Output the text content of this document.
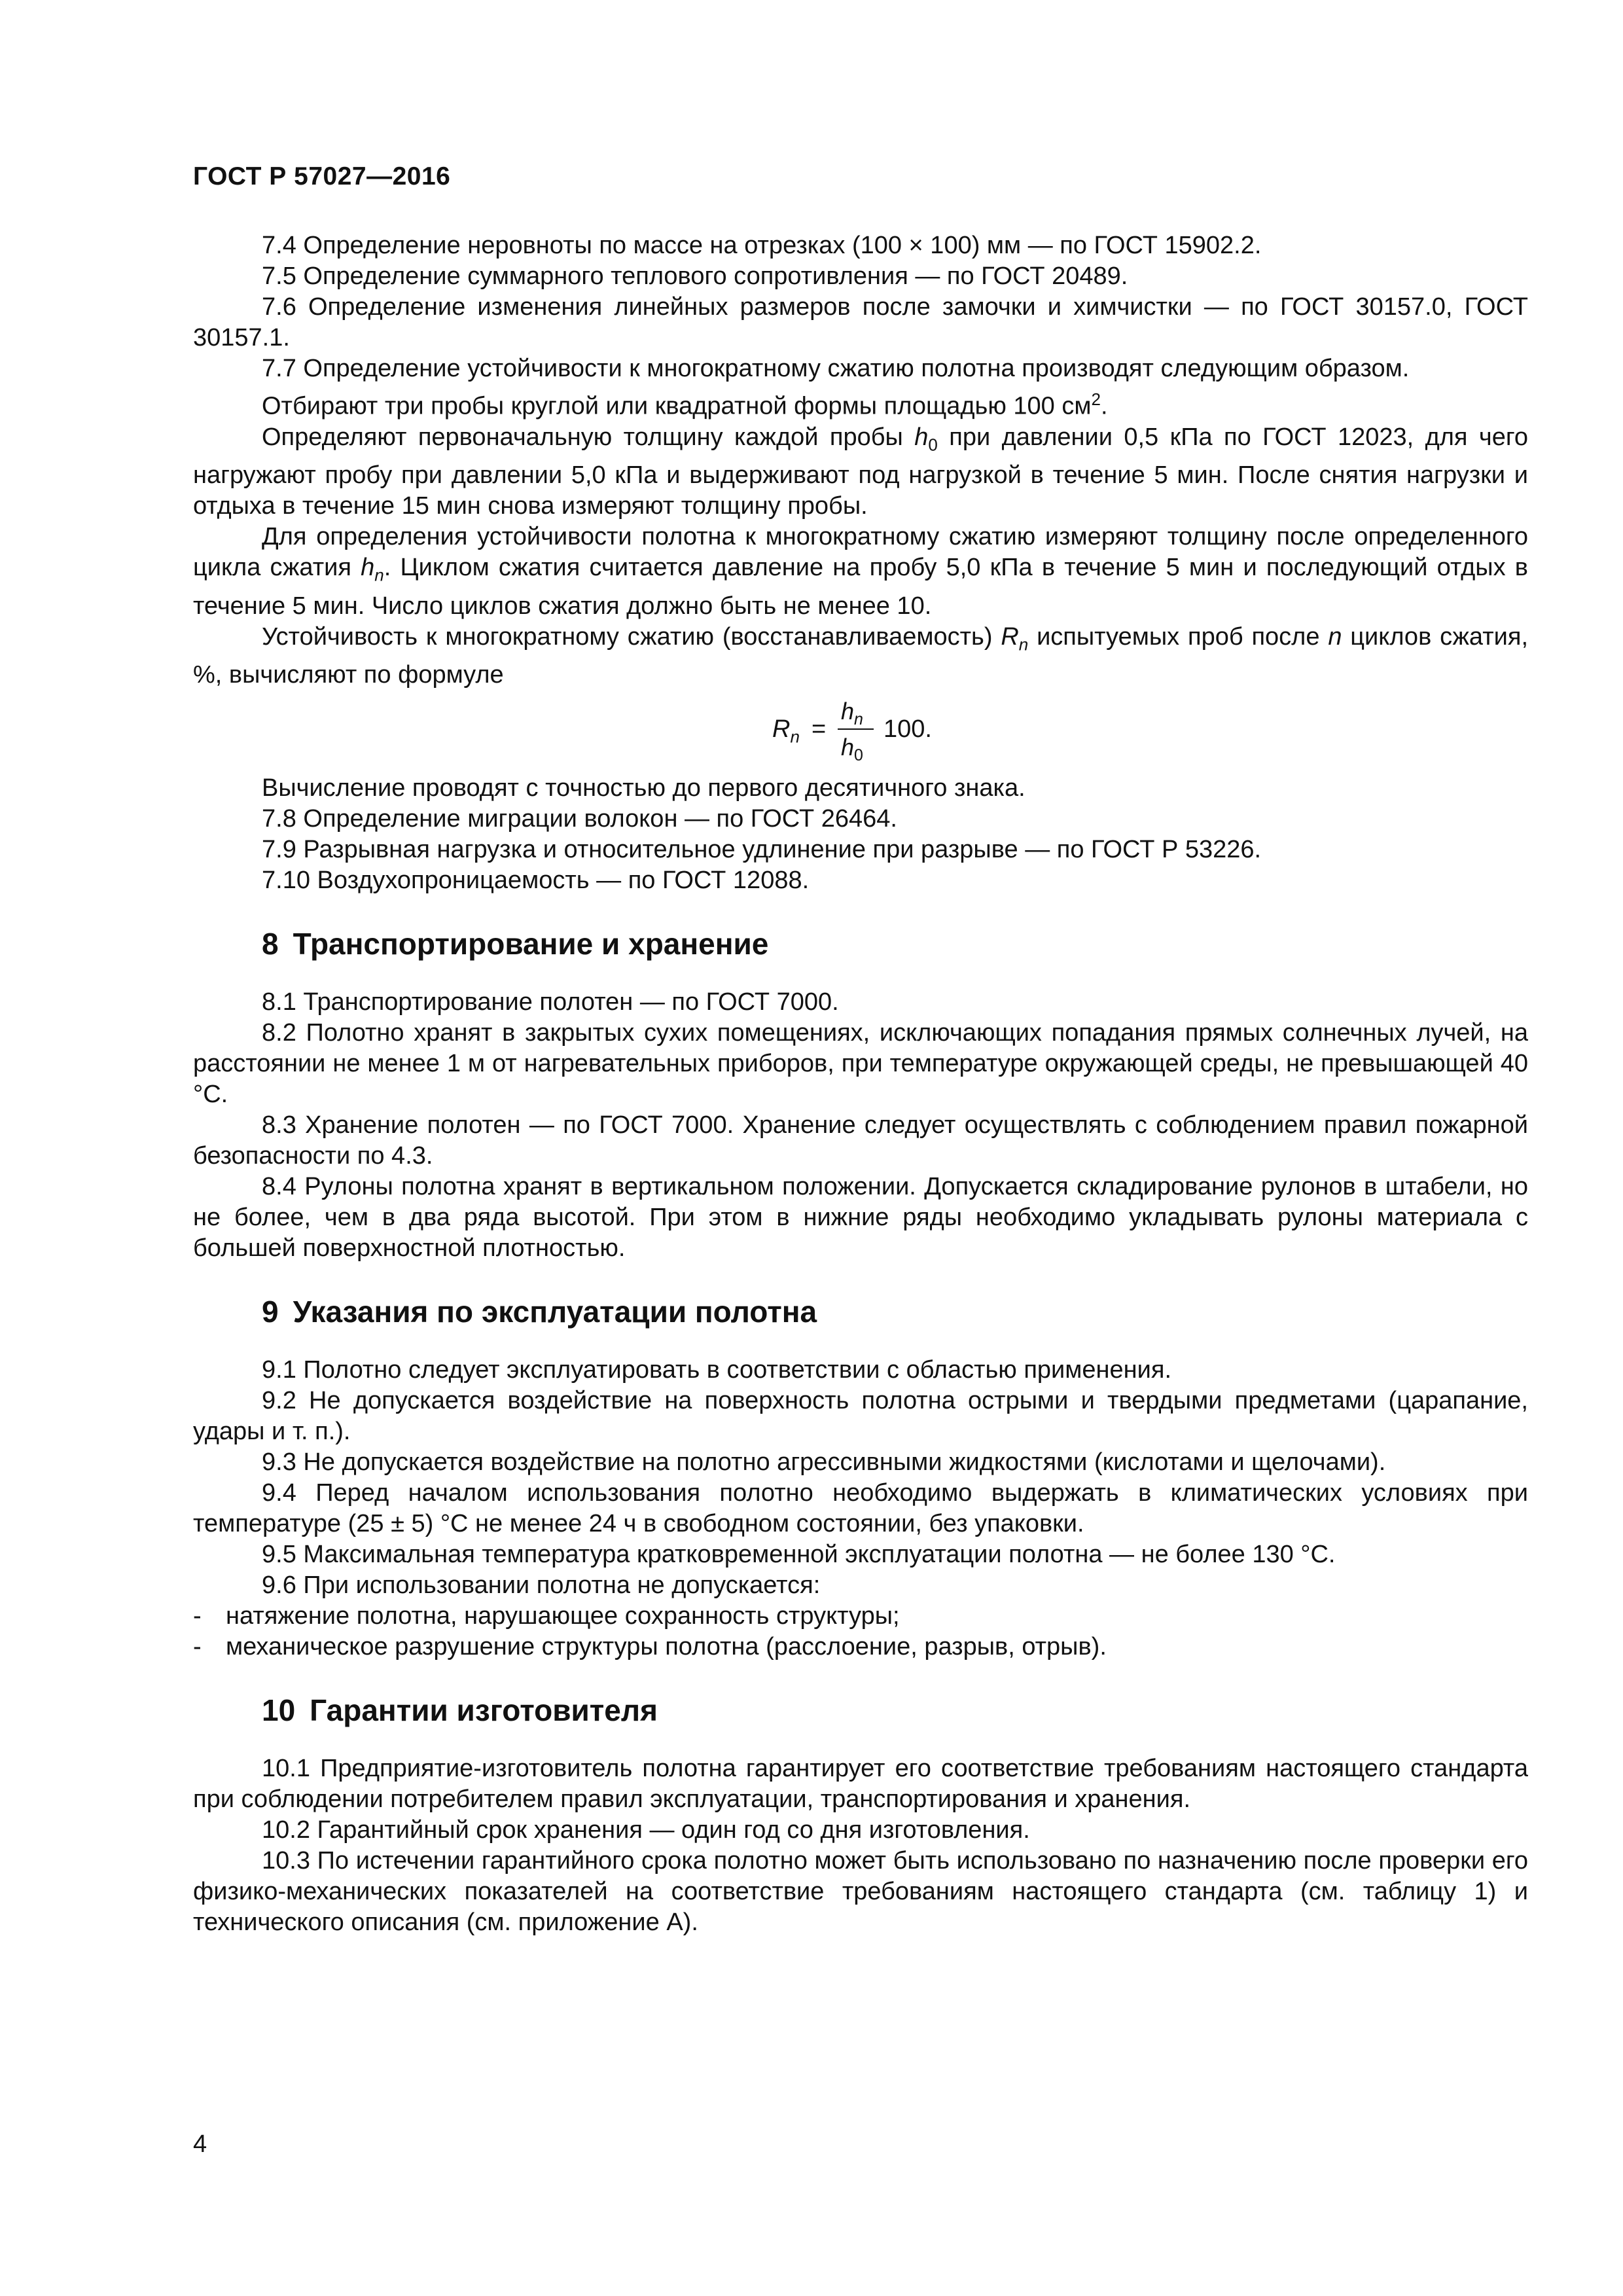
ГОСТ Р 57027—2016

7.4 Определение неровноты по массе на отрезках (100 × 100) мм — по ГОСТ 15902.2.

7.5 Определение суммарного теплового сопротивления — по ГОСТ 20489.

7.6 Определение изменения линейных размеров после замочки и химчистки — по ГОСТ 30157.0, ГОСТ 30157.1.

7.7 Определение устойчивости к многократному сжатию полотна производят следующим образом.

Отбирают три пробы круглой или квадратной формы площадью 100 $см^2$.

Определяют первоначальную толщину каждой пробы $h_0$ при давлении 0,5 кПа по ГОСТ 12023, для чего нагружают пробу при давлении 5,0 кПа и выдерживают под нагрузкой в течение 5 мин. После снятия нагрузки и отдыха в течение 15 мин снова измеряют толщину пробы.

Для определения устойчивости полотна к многократному сжатию измеряют толщину после определенного цикла сжатия $h_n$. Циклом сжатия считается давление на пробу 5,0 кПа в течение 5 мин и последующий отдых в течение 5 мин. Число циклов сжатия должно быть не менее 10.

Устойчивость к многократному сжатию (восстанавливаемость) $R_n$ испытуемых проб после n циклов сжатия, %, вычисляют по формуле

$R_n$ =
$h_n$
$h_0$
100.

Вычисление проводят с точностью до первого десятичного знака.

7.8 Определение миграции волокон — по ГОСТ 26464.

7.9 Разрывная нагрузка и относительное удлинение при разрыве — по ГОСТ Р 53226.

7.10 Воздухопроницаемость — по ГОСТ 12088.

8 Транспортирование и хранение

8.1 Транспортирование полотен — по ГОСТ 7000.

8.2 Полотно хранят в закрытых сухих помещениях, исключающих попадания прямых солнечных лучей, на расстоянии не менее 1 м от нагревательных приборов, при температуре окружающей среды, не превышающей 40 °C.

8.3 Хранение полотен — по ГОСТ 7000. Хранение следует осуществлять с соблюдением правил пожарной безопасности по 4.3.

8.4 Рулоны полотна хранят в вертикальном положении. Допускается складирование рулонов в штабели, но не более, чем в два ряда высотой. При этом в нижние ряды необходимо укладывать рулоны материала с большей поверхностной плотностью.

9 Указания по эксплуатации полотна

9.1 Полотно следует эксплуатировать в соответствии с областью применения.

9.2 Не допускается воздействие на поверхность полотна острыми и твердыми предметами (царапание, удары и т. п.).

9.3 Не допускается воздействие на полотно агрессивными жидкостями (кислотами и щелочами).

9.4 Перед началом использования полотно необходимо выдержать в климатических условиях при температуре (25 ± 5) °C не менее 24 ч в свободном состоянии, без упаковки.

9.5 Максимальная температура кратковременной эксплуатации полотна — не более 130 °C.

9.6 При использовании полотна не допускается:

- натяжение полотна, нарушающее сохранность структуры;

- механическое разрушение структуры полотна (расслоение, разрыв, отрыв).

10 Гарантии изготовителя

10.1 Предприятие-изготовитель полотна гарантирует его соответствие требованиям настоящего стандарта при соблюдении потребителем правил эксплуатации, транспортирования и хранения.

10.2 Гарантийный срок хранения — один год со дня изготовления.

10.3 По истечении гарантийного срока полотно может быть использовано по назначению после проверки его физико-механических показателей на соответствие требованиям настоящего стандарта (см. таблицу 1) и технического описания (см. приложение А).

4
